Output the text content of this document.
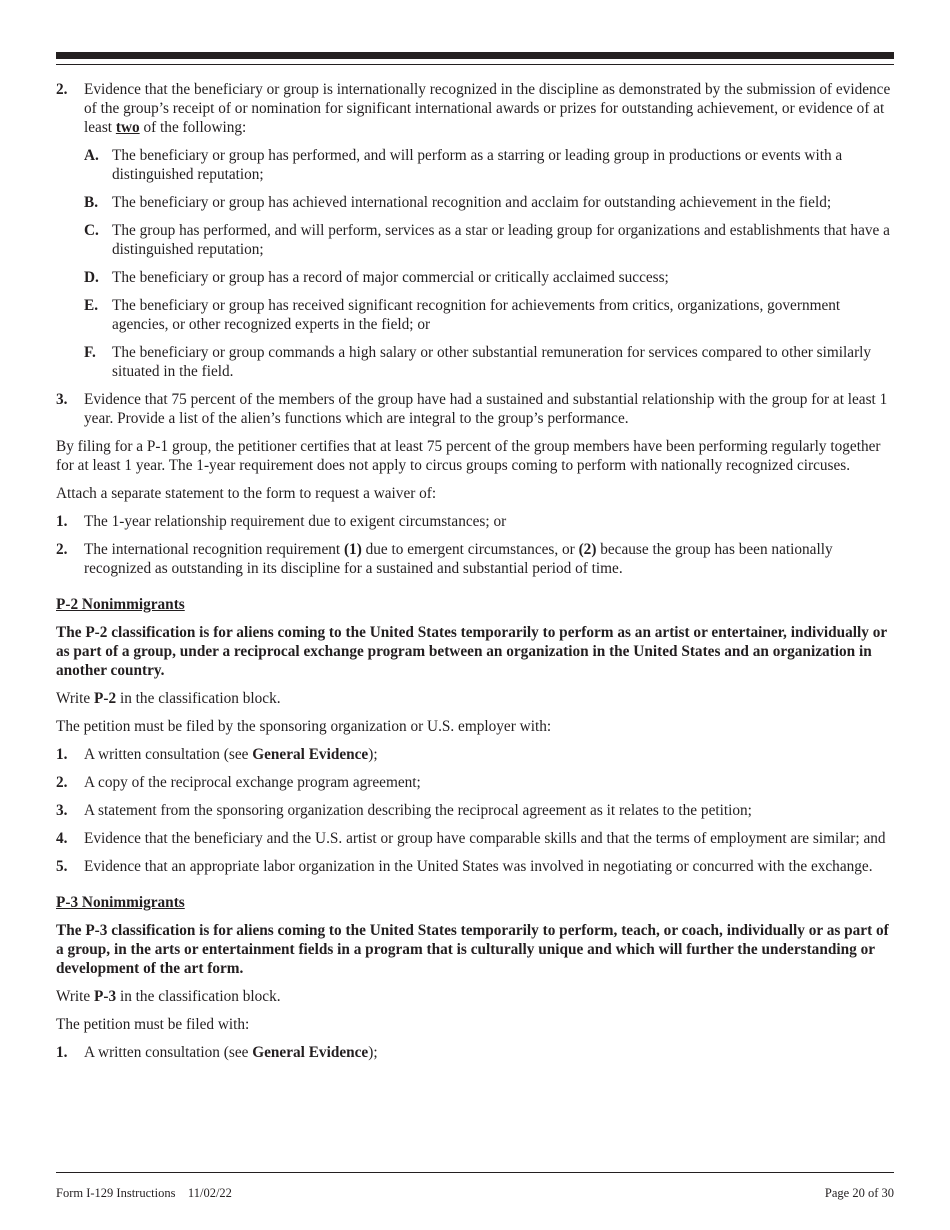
2. Evidence that the beneficiary or group is internationally recognized in the discipline as demonstrated by the submission of evidence of the group’s receipt of or nomination for significant international awards or prizes for outstanding achievement, or evidence of at least two of the following:
A. The beneficiary or group has performed, and will perform as a starring or leading group in productions or events with a distinguished reputation;
B. The beneficiary or group has achieved international recognition and acclaim for outstanding achievement in the field;
C. The group has performed, and will perform, services as a star or leading group for organizations and establishments that have a distinguished reputation;
D. The beneficiary or group has a record of major commercial or critically acclaimed success;
E. The beneficiary or group has received significant recognition for achievements from critics, organizations, government agencies, or other recognized experts in the field; or
F. The beneficiary or group commands a high salary or other substantial remuneration for services compared to other similarly situated in the field.
3. Evidence that 75 percent of the members of the group have had a sustained and substantial relationship with the group for at least 1 year. Provide a list of the alien’s functions which are integral to the group’s performance.

By filing for a P-1 group, the petitioner certifies that at least 75 percent of the group members have been performing regularly together for at least 1 year. The 1-year requirement does not apply to circus groups coming to perform with nationally recognized circuses.

Attach a separate statement to the form to request a waiver of:

1. The 1-year relationship requirement due to exigent circumstances; or
2. The international recognition requirement (1) due to emergent circumstances, or (2) because the group has been nationally recognized as outstanding in its discipline for a sustained and substantial period of time.
P-2 Nonimmigrants

The P-2 classification is for aliens coming to the United States temporarily to perform as an artist or entertainer, individually or as part of a group, under a reciprocal exchange program between an organization in the United States and an organization in another country.

Write P-2 in the classification block.

The petition must be filed by the sponsoring organization or U.S. employer with:

1. A written consultation (see General Evidence);
2. A copy of the reciprocal exchange program agreement;
3. A statement from the sponsoring organization describing the reciprocal agreement as it relates to the petition;
4. Evidence that the beneficiary and the U.S. artist or group have comparable skills and that the terms of employment are similar; and
5. Evidence that an appropriate labor organization in the United States was involved in negotiating or concurred with the exchange.
P-3 Nonimmigrants

The P-3 classification is for aliens coming to the United States temporarily to perform, teach, or coach, individually or as part of a group, in the arts or entertainment fields in a program that is culturally unique and which will further the understanding or development of the art form.

Write P-3 in the classification block.

The petition must be filed with:

1. A written consultation (see General Evidence);
Form I-129 Instructions    11/02/22	Page 20 of 30
